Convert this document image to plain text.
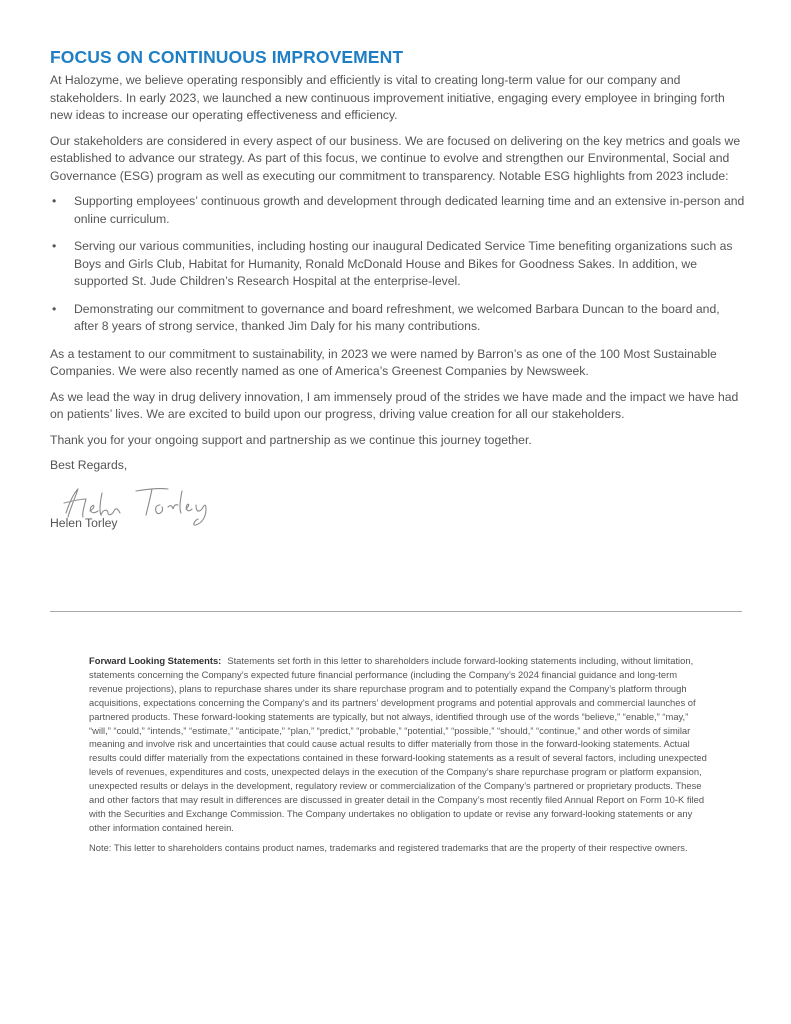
FOCUS ON CONTINUOUS IMPROVEMENT

At Halozyme, we believe operating responsibly and efficiently is vital to creating long-term value for our company and stakeholders. In early 2023, we launched a new continuous improvement initiative, engaging every employee in bringing forth new ideas to increase our operating effectiveness and efficiency.

Our stakeholders are considered in every aspect of our business. We are focused on delivering on the key metrics and goals we established to advance our strategy. As part of this focus, we continue to evolve and strengthen our Environmental, Social and Governance (ESG) program as well as executing our commitment to transparency. Notable ESG highlights from 2023 include:

• Supporting employees’ continuous growth and development through dedicated learning time and an extensive in-person and online curriculum.
• Serving our various communities, including hosting our inaugural Dedicated Service Time benefiting organizations such as Boys and Girls Club, Habitat for Humanity, Ronald McDonald House and Bikes for Goodness Sakes. In addition, we supported St. Jude Children’s Research Hospital at the enterprise-level.
• Demonstrating our commitment to governance and board refreshment, we welcomed Barbara Duncan to the board and, after 8 years of strong service, thanked Jim Daly for his many contributions.

As a testament to our commitment to sustainability, in 2023 we were named by Barron’s as one of the 100 Most Sustainable Companies. We were also recently named as one of America’s Greenest Companies by Newsweek.

As we lead the way in drug delivery innovation, I am immensely proud of the strides we have made and the impact we have had on patients’ lives. We are excited to build upon our progress, driving value creation for all our stakeholders.

Thank you for your ongoing support and partnership as we continue this journey together.

Best Regards,

Helen Torley

Forward Looking Statements: Statements set forth in this letter to shareholders include forward-looking statements including, without limitation, statements concerning the Company’s expected future financial performance (including the Company’s 2024 financial guidance and long-term revenue projections), plans to repurchase shares under its share repurchase program and to potentially expand the Company’s platform through acquisitions, expectations concerning the Company’s and its partners’ development programs and potential approvals and commercial launches of partnered products. These forward-looking statements are typically, but not always, identified through use of the words “believe,” “enable,” “may,” “will,” “could,” “intends,” “estimate,” “anticipate,” “plan,” “predict,” “probable,” “potential,” “possible,” “should,” “continue,” and other words of similar meaning and involve risk and uncertainties that could cause actual results to differ materially from those in the forward-looking statements. Actual results could differ materially from the expectations contained in these forward-looking statements as a result of several factors, including unexpected levels of revenues, expenditures and costs, unexpected delays in the execution of the Company’s share repurchase program or platform expansion, unexpected results or delays in the development, regulatory review or commercialization of the Company’s partnered or proprietary products. These and other factors that may result in differences are discussed in greater detail in the Company’s most recently filed Annual Report on Form 10-K filed with the Securities and Exchange Commission. The Company undertakes no obligation to update or revise any forward-looking statements or any other information contained herein.

Note: This letter to shareholders contains product names, trademarks and registered trademarks that are the property of their respective owners.
